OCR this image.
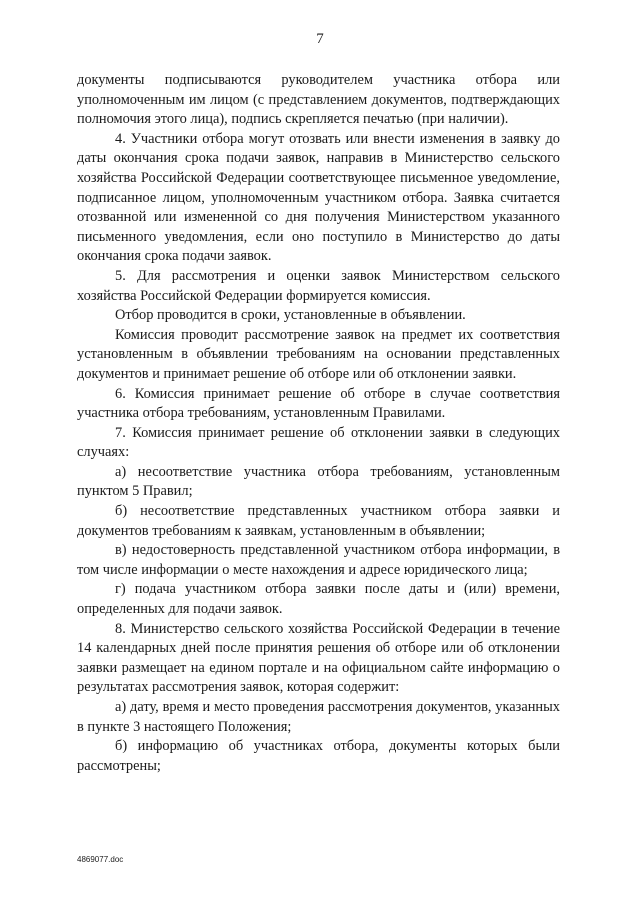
7

документы подписываются руководителем участника отбора или уполномоченным им лицом (с представлением документов, подтверждающих полномочия этого лица), подпись скрепляется печатью (при наличии).

4. Участники отбора могут отозвать или внести изменения в заявку до даты окончания срока подачи заявок, направив в Министерство сельского хозяйства Российской Федерации соответствующее письменное уведомление, подписанное лицом, уполномоченным участником отбора. Заявка считается отозванной или измененной со дня получения Министерством указанного письменного уведомления, если оно поступило в Министерство до даты окончания срока подачи заявок.

5. Для рассмотрения и оценки заявок Министерством сельского хозяйства Российской Федерации формируется комиссия.

Отбор проводится в сроки, установленные в объявлении.

Комиссия проводит рассмотрение заявок на предмет их соответствия установленным в объявлении требованиям на основании представленных документов и принимает решение об отборе или об отклонении заявки.

6. Комиссия принимает решение об отборе в случае соответствия участника отбора требованиям, установленным Правилами.

7. Комиссия принимает решение об отклонении заявки в следующих случаях:

а) несоответствие участника отбора требованиям, установленным пунктом 5 Правил;

б) несоответствие представленных участником отбора заявки и документов требованиям к заявкам, установленным в объявлении;

в) недостоверность представленной участником отбора информации, в том числе информации о месте нахождения и адресе юридического лица;

г) подача участником отбора заявки после даты и (или) времени, определенных для подачи заявок.

8. Министерство сельского хозяйства Российской Федерации в течение 14 календарных дней после принятия решения об отборе или об отклонении заявки размещает на едином портале и на официальном сайте информацию о результатах рассмотрения заявок, которая содержит:

а) дату, время и место проведения рассмотрения документов, указанных в пункте 3 настоящего Положения;

б) информацию об участниках отбора, документы которых были рассмотрены;

4869077.doc
